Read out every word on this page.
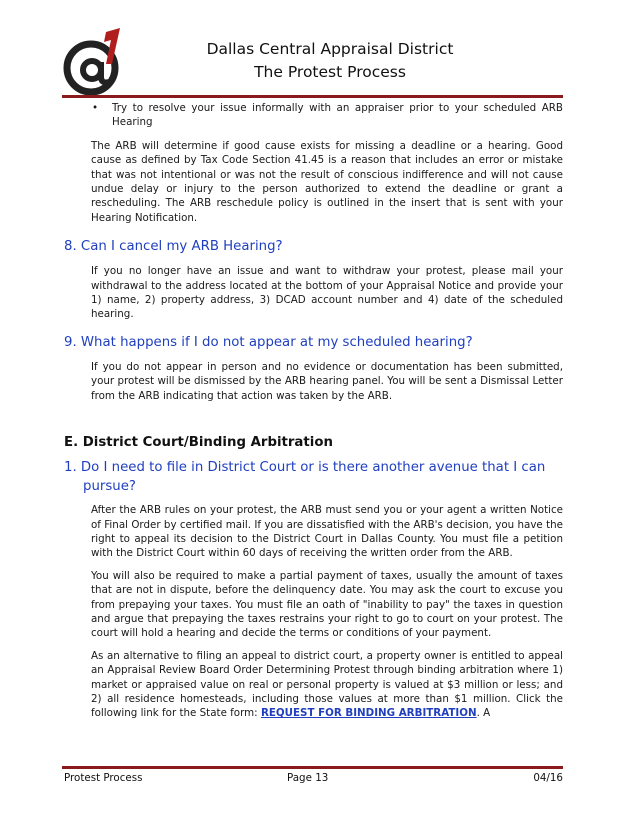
Dallas Central Appraisal District
The Protest Process

• Try to resolve your issue informally with an appraiser prior to your scheduled ARB Hearing

The ARB will determine if good cause exists for missing a deadline or a hearing. Good cause as defined by Tax Code Section 41.45 is a reason that includes an error or mistake that was not intentional or was not the result of conscious indifference and will not cause undue delay or injury to the person authorized to extend the deadline or grant a rescheduling. The ARB reschedule policy is outlined in the insert that is sent with your Hearing Notification.

8. Can I cancel my ARB Hearing?

If you no longer have an issue and want to withdraw your protest, please mail your withdrawal to the address located at the bottom of your Appraisal Notice and provide your 1) name, 2) property address, 3) DCAD account number and 4) date of the scheduled hearing.

9. What happens if I do not appear at my scheduled hearing?

If you do not appear in person and no evidence or documentation has been submitted, your protest will be dismissed by the ARB hearing panel. You will be sent a Dismissal Letter from the ARB indicating that action was taken by the ARB.

E. District Court/Binding Arbitration
1. Do I need to file in District Court or is there another avenue that I can pursue?

After the ARB rules on your protest, the ARB must send you or your agent a written Notice of Final Order by certified mail. If you are dissatisfied with the ARB's decision, you have the right to appeal its decision to the District Court in Dallas County. You must file a petition with the District Court within 60 days of receiving the written order from the ARB.

You will also be required to make a partial payment of taxes, usually the amount of taxes that are not in dispute, before the delinquency date. You may ask the court to excuse you from prepaying your taxes. You must file an oath of "inability to pay" the taxes in question and argue that prepaying the taxes restrains your right to go to court on your protest. The court will hold a hearing and decide the terms or conditions of your payment.

As an alternative to filing an appeal to district court, a property owner is entitled to appeal an Appraisal Review Board Order Determining Protest through binding arbitration where 1) market or appraised value on real or personal property is valued at $3 million or less; and 2) all residence homesteads, including those values at more than $1 million. Click the following link for the State form: REQUEST FOR BINDING ARBITRATION. A

Protest Process	Page 13	04/16
